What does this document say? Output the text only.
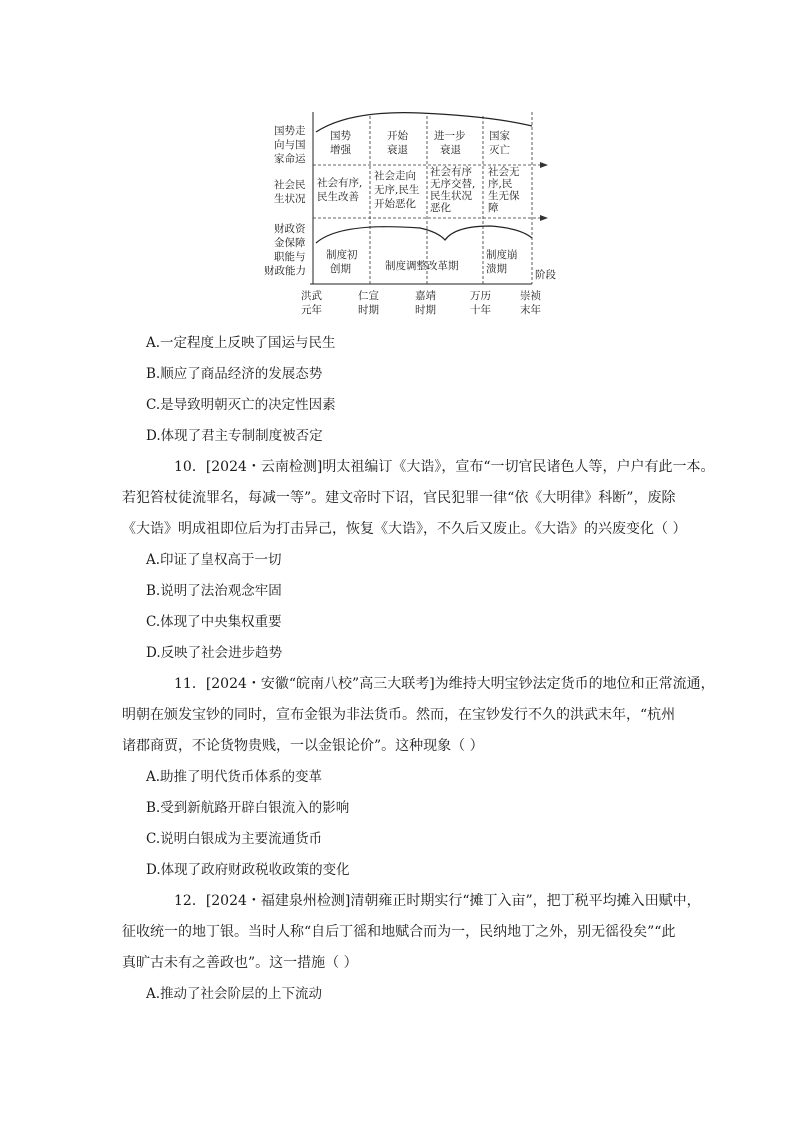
国势走
向与国
家命运
社会民
生状况
财政资
金保障
职能与
财政能力
国势
增强
开始
衰退
进一步
衰退
国家
灭亡
社会有序,
民生改善
社会走向
无序,民生
开始恶化
社会有序
无序交替,
民生状况
恶化
社会无
序,民
生无保
障
制度初
创期	制度调整改革期
制度崩
溃期	阶段
洪武
元年
仁宣
时期
嘉靖
时期
万历
十年
崇祯
末年
A.一定程度上反映了国运与民生
B.顺应了商品经济的发展态势
C.是导致明朝灭亡的决定性因素
D.体现了君主专制制度被否定
10．[2024・云南检测]明太祖编订《大诰》，宣布“一切官民诸色人等，户户有此一本。
若犯笞杖徒流罪名，每减一等”。建文帝时下诏，官民犯罪一律“依《大明律》科断”，废除
《大诰》明成祖即位后为打击异己，恢复《大诰》，不久后又废止。《大诰》的兴废变化（ ）
A.印证了皇权高于一切
B.说明了法治观念牢固
C.体现了中央集权重要
D.反映了社会进步趋势
11．[2024・安徽“皖南八校”高三大联考]为维持大明宝钞法定货币的地位和正常流通，
明朝在颁发宝钞的同时，宣布金银为非法货币。然而，在宝钞发行不久的洪武末年，“杭州
诸郡商贾，不论货物贵贱，一以金银论价”。这种现象（ ）
A.助推了明代货币体系的变革
B.受到新航路开辟白银流入的影响
C.说明白银成为主要流通货币
D.体现了政府财政税收政策的变化
12．[2024・福建泉州检测]清朝雍正时期实行“摊丁入亩”，把丁税平均摊入田赋中，
征收统一的地丁银。当时人称“自后丁徭和地赋合而为一，民纳地丁之外，别无徭役矣”“此
真旷古未有之善政也”。这一措施（ ）
A.推动了社会阶层的上下流动
